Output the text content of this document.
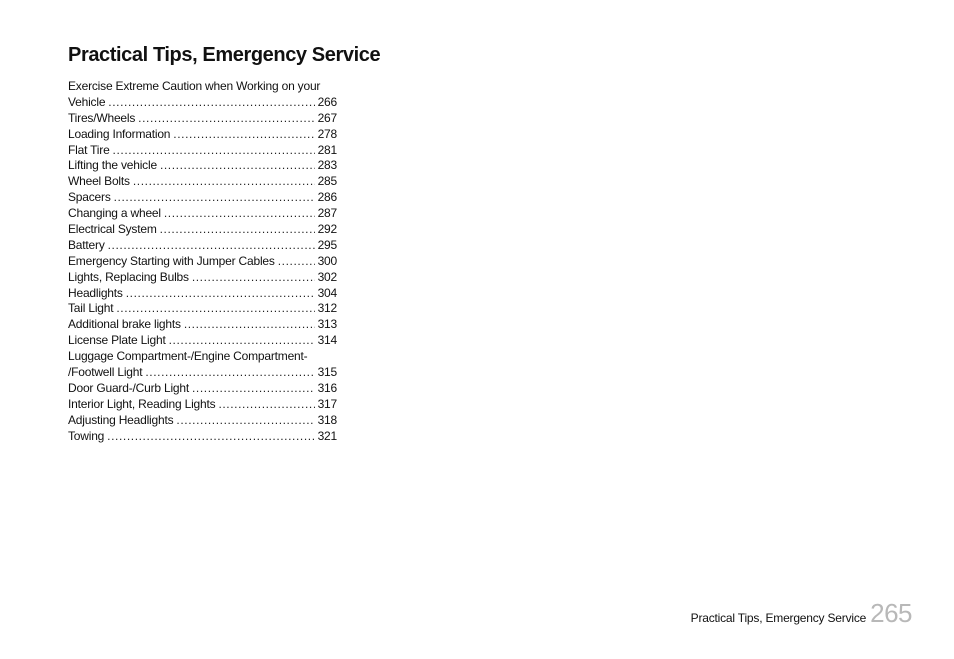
Practical Tips, Emergency Service
Exercise Extreme Caution when Working on your
Vehicle .....	266
Tires/Wheels .....	267
Loading Information .....	278
Flat Tire .....	281
Lifting the vehicle .....	283
Wheel Bolts .....	285
Spacers .....	286
Changing a wheel .....	287
Electrical System .....	292
Battery .....	295
Emergency Starting with Jumper Cables .....	300
Lights, Replacing Bulbs .....	302
Headlights .....	304
Tail Light .....	312
Additional brake lights .....	313
License Plate Light .....	314
Luggage Compartment-/Engine Compartment-
/Footwell Light .....	315
Door Guard-/Curb Light .....	316
Interior Light, Reading Lights .....	317
Adjusting Headlights .....	318
Towing .....	321
Practical Tips, Emergency Service 265
